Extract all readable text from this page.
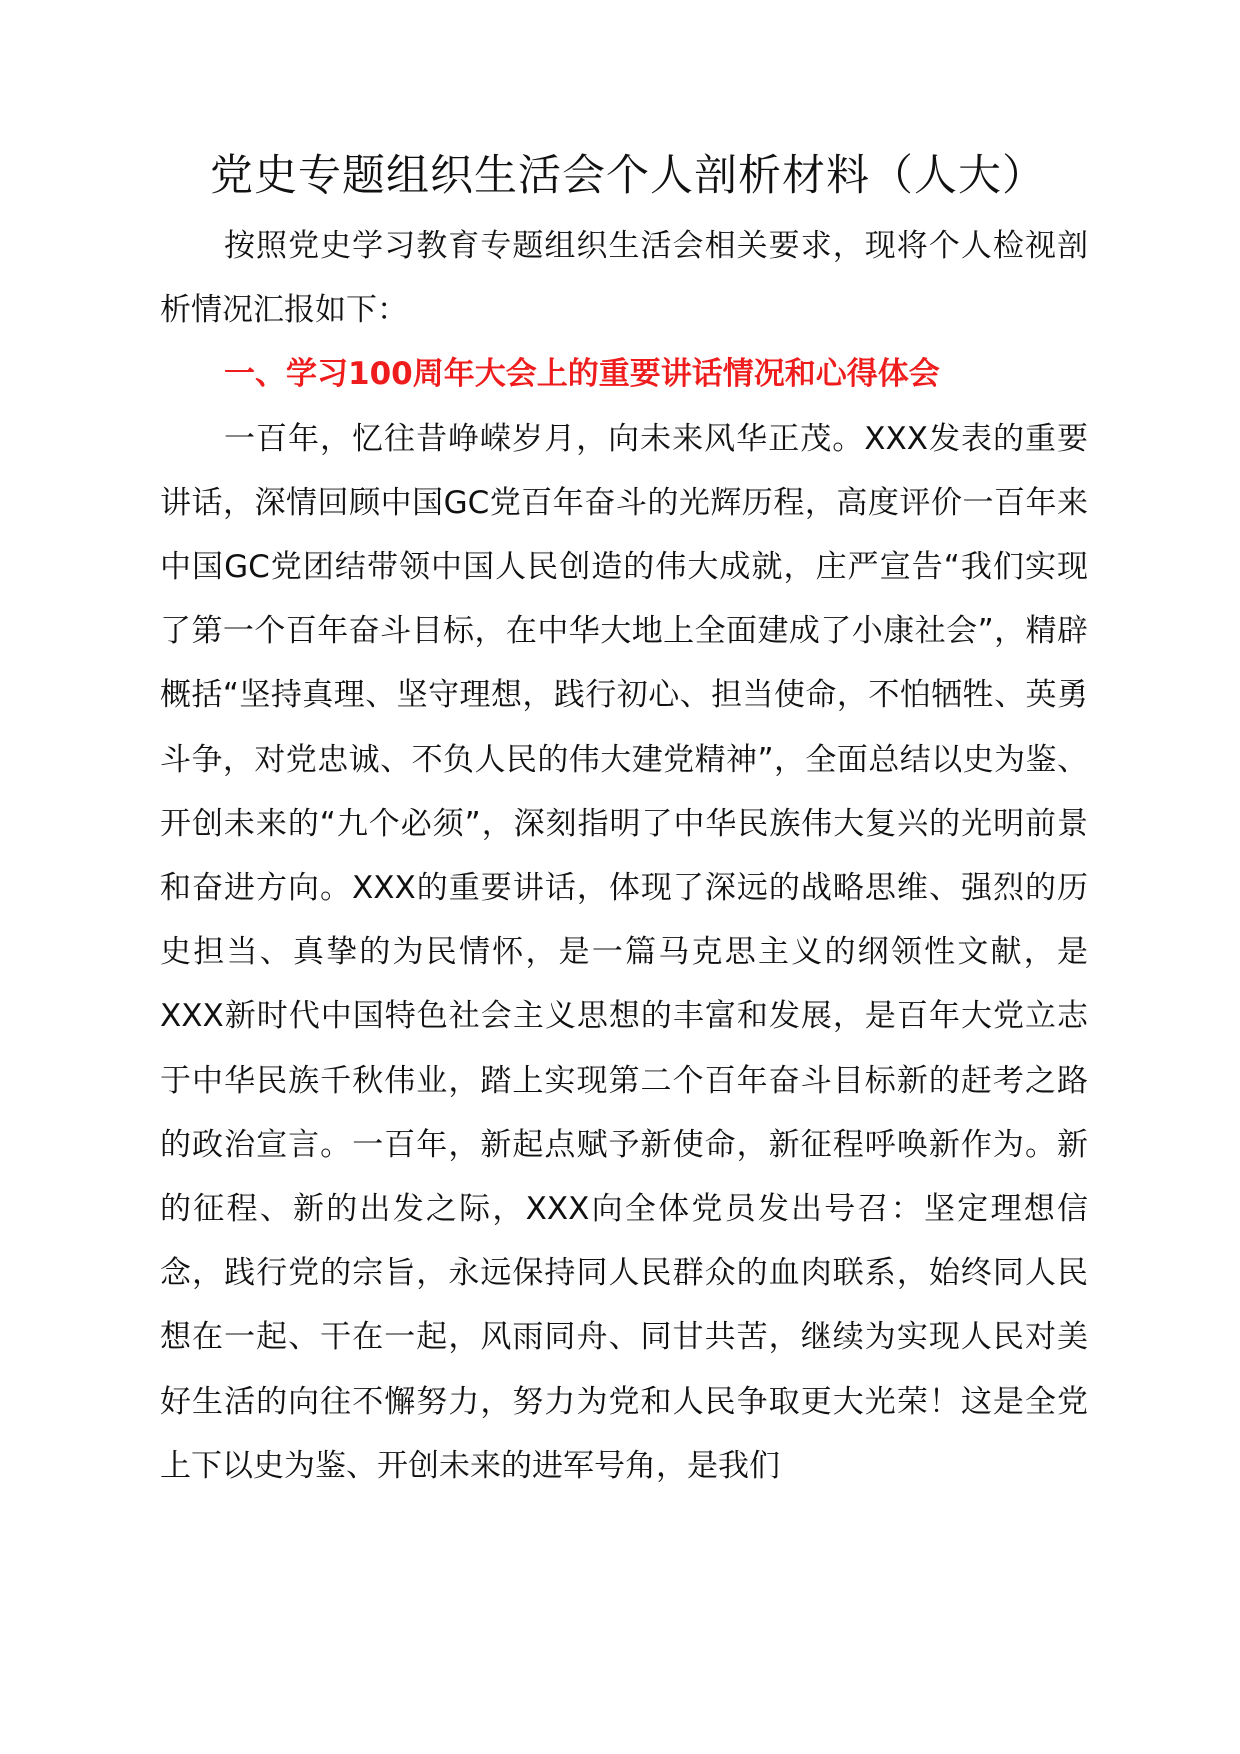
党史专题组织生活会个人剖析材料（人大）

按照党史学习教育专题组织生活会相关要求，现将个人检视剖析情况汇报如下：

一、学习100周年大会上的重要讲话情况和心得体会

一百年，忆往昔峥嵘岁月，向未来风华正茂。XXX发表的重要讲话，深情回顾中国GC党百年奋斗的光辉历程，高度评价一百年来中国GC党团结带领中国人民创造的伟大成就，庄严宣告“我们实现了第一个百年奋斗目标，在中华大地上全面建成了小康社会”，精辟概括“坚持真理、坚守理想，践行初心、担当使命，不怕牺牲、英勇斗争，对党忠诚、不负人民的伟大建党精神”，全面总结以史为鉴、开创未来的“九个必须”，深刻指明了中华民族伟大复兴的光明前景和奋进方向。XXX的重要讲话，体现了深远的战略思维、强烈的历史担当、真挚的为民情怀，是一篇马克思主义的纲领性文献，是XXX新时代中国特色社会主义思想的丰富和发展，是百年大党立志于中华民族千秋伟业，踏上实现第二个百年奋斗目标新的赶考之路的政治宣言。一百年，新起点赋予新使命，新征程呼唤新作为。新的征程、新的出发之际，XXX向全体党员发出号召：坚定理想信念，践行党的宗旨，永远保持同人民群众的血肉联系，始终同人民想在一起、干在一起，风雨同舟、同甘共苦，继续为实现人民对美好生活的向往不懈努力，努力为党和人民争取更大光荣！这是全党上下以史为鉴、开创未来的进军号角，是我们
